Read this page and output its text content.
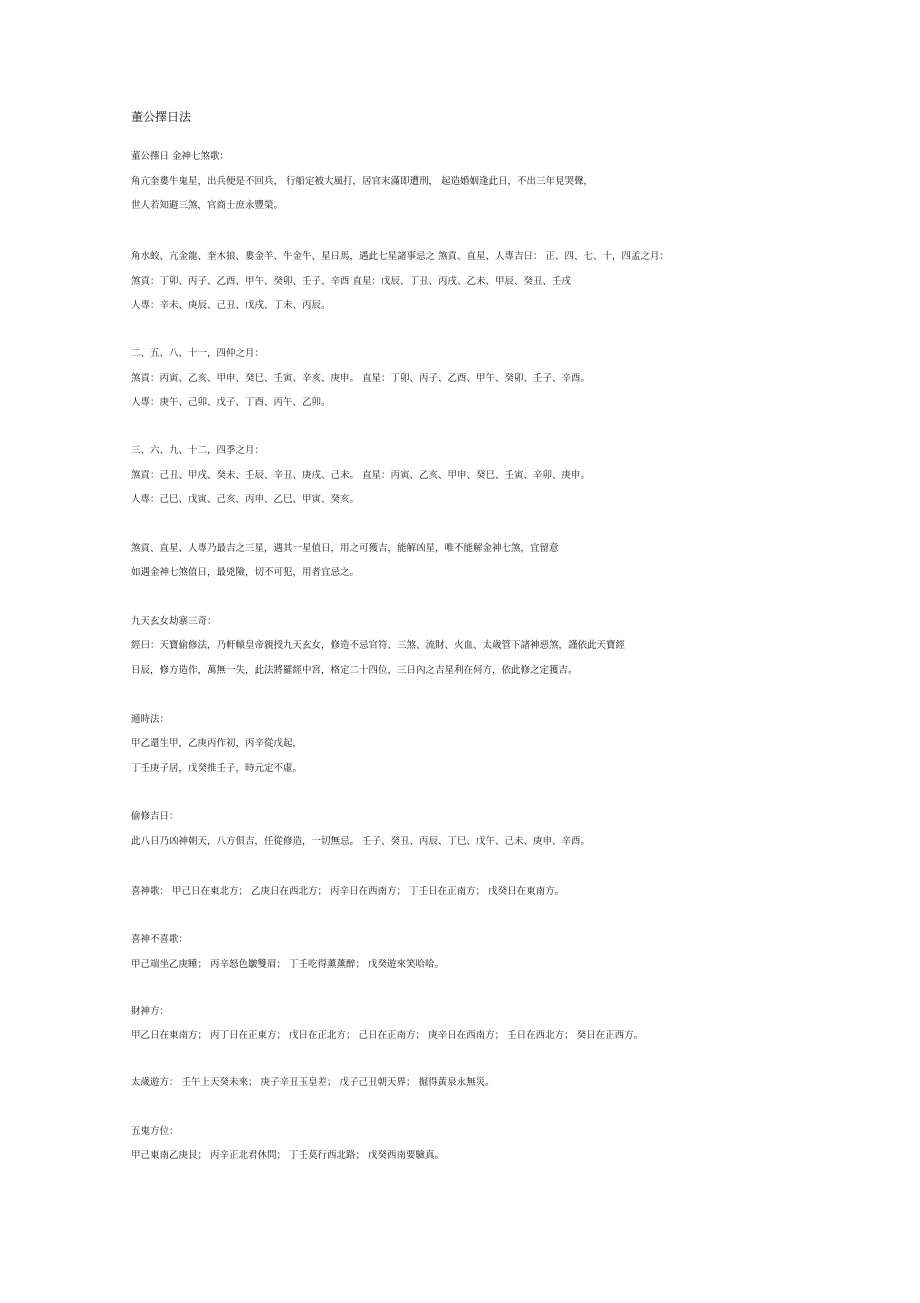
董公擇日法
董公擇日 金神七煞歌：
角亢奎婁牛鬼星，出兵便是不回兵， 行船定被大風打，居官末滿即遭刑， 起造婚姻逢此日，不出三年見哭聲，
世人若知避三煞，官商士庶永豐榮。
角水蛟、亢金龍、奎木狼、婁金羊、牛金牛、星日馬，遇此七星諸事忌之 煞貢、直星、人專吉日： 正、四、七、十，四孟之月：
煞貢：丁卯、丙子、乙酉、甲午、癸卯、壬子、辛酉 直星：戊辰、丁丑、丙戌、乙未、甲辰、癸丑、壬戌
人專：辛未、庚辰、己丑、戊戌、丁未、丙辰。
二、五、八、十一，四仲之月：
煞貢：丙寅、乙亥、甲申、癸巳、壬寅、辛亥、庚申。 直星：丁卯、丙子、乙酉、甲午、癸卯、壬子、辛酉。
人專：庚午、己卯、戊子、丁酉、丙午、乙卯。
三、六、九、十二，四季之月：
煞貢：己丑、甲戌、癸未、壬辰、辛丑、庚戌、己未。 直星：丙寅、乙亥、甲申、癸巳、壬寅、辛卯、庚申。
人專：己巳、戊寅、己亥、丙申、乙巳、甲寅、癸亥。
煞貢、直星、人專乃最吉之三星，遇其一星值日，用之可獲吉，能解凶星，唯不能解金神七煞，宜留意
如遇金神七煞值日，最兇險，切不可犯，用者宜忌之。
九天玄女劫寨三奇：
經曰：天寶偷修法，乃軒轅皇帝親授九天玄女，修造不忌官符、三煞、流財、火血、太歲管下諸神惡煞，謹依此天寶經
日辰，修方造作，萬無一失，此法將羅經中宮，格定二十四位，三日內之吉星利在何方，依此修之定獲吉。
遁時法：
甲乙還生甲，乙庚丙作初，丙辛從戊起，
丁壬庚子居，戊癸推壬子，時元定不虛。
偷修吉日：
此八日乃凶神朝天，八方俱吉，任從修造，一切無忌。 壬子、癸丑、丙辰、丁巳、戊午、己未、庚申、辛酉。
喜神歌： 甲己日在東北方； 乙庚日在西北方； 丙辛日在西南方； 丁壬日在正南方； 戊癸日在東南方。
喜神不喜歌：
甲己端坐乙庚睡； 丙辛怒色皺雙眉； 丁壬吃得薰薰醉； 戊癸遊來笑哈哈。
財神方：
甲乙日在東南方； 丙丁日在正東方； 戊日在正北方； 己日在正南方； 庚辛日在西南方； 壬日在西北方； 癸日在正西方。
太歲遊方： 壬午上天癸未來； 庚子辛丑玉皇差； 戊子己丑朝天界； 掘得黃泉永無災。
五鬼方位：
甲己東南乙庚艮； 丙辛正北君休問； 丁壬莫行西北路； 戊癸西南要驗真。
